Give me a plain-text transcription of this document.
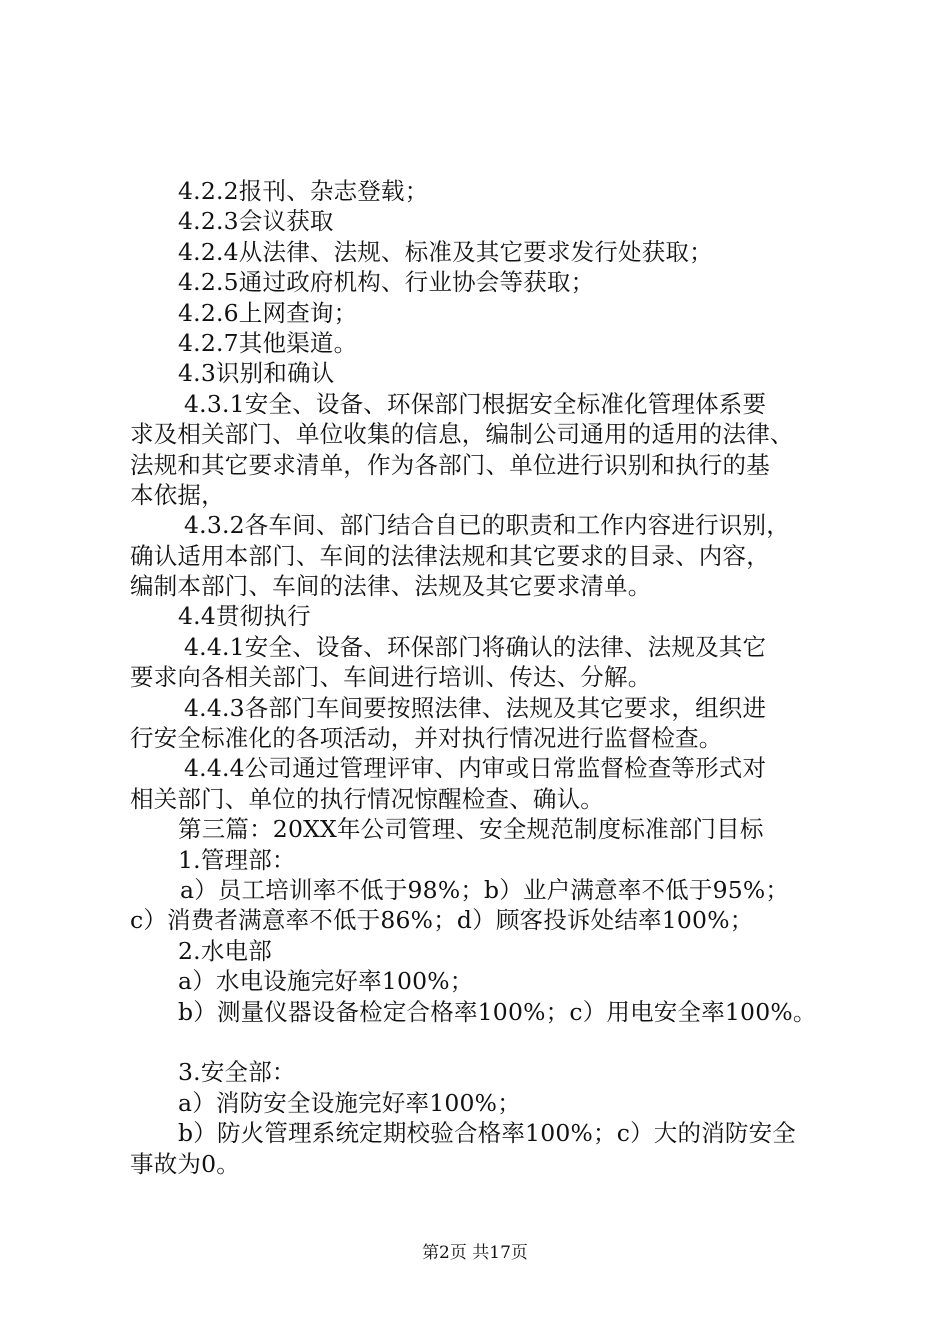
4.2.2报刊、杂志登载；
4.2.3会议获取
4.2.4从法律、法规、标准及其它要求发行处获取；
4.2.5通过政府机构、行业协会等获取；
4.2.6上网查询；
4.2.7其他渠道。
4.3识别和确认
4.3.1安全、设备、环保部门根据安全标准化管理体系要
求及相关部门、单位收集的信息，编制公司通用的适用的法律、
法规和其它要求清单，作为各部门、单位进行识别和执行的基
本依据，
4.3.2各车间、部门结合自已的职责和工作内容进行识别，
确认适用本部门、车间的法律法规和其它要求的目录、内容，
编制本部门、车间的法律、法规及其它要求清单。
4.4贯彻执行
4.4.1安全、设备、环保部门将确认的法律、法规及其它
要求向各相关部门、车间进行培训、传达、分解。
4.4.3各部门车间要按照法律、法规及其它要求，组织进
行安全标准化的各项活动，并对执行情况进行监督检查。
4.4.4公司通过管理评审、内审或日常监督检查等形式对
相关部门、单位的执行情况惊醒检查、确认。
第三篇：20XX年公司管理、安全规范制度标准部门目标
1.管理部：
a）员工培训率不低于98%；b）业户满意率不低于95%；
c）消费者满意率不低于86%；d）顾客投诉处结率100%；
2.水电部
a）水电设施完好率100%；
b）测量仪器设备检定合格率100%；c）用电安全率100%。
3.安全部：
a）消防安全设施完好率100%；
b）防火管理系统定期校验合格率100%；c）大的消防安全
事故为0。
第2页 共17页
